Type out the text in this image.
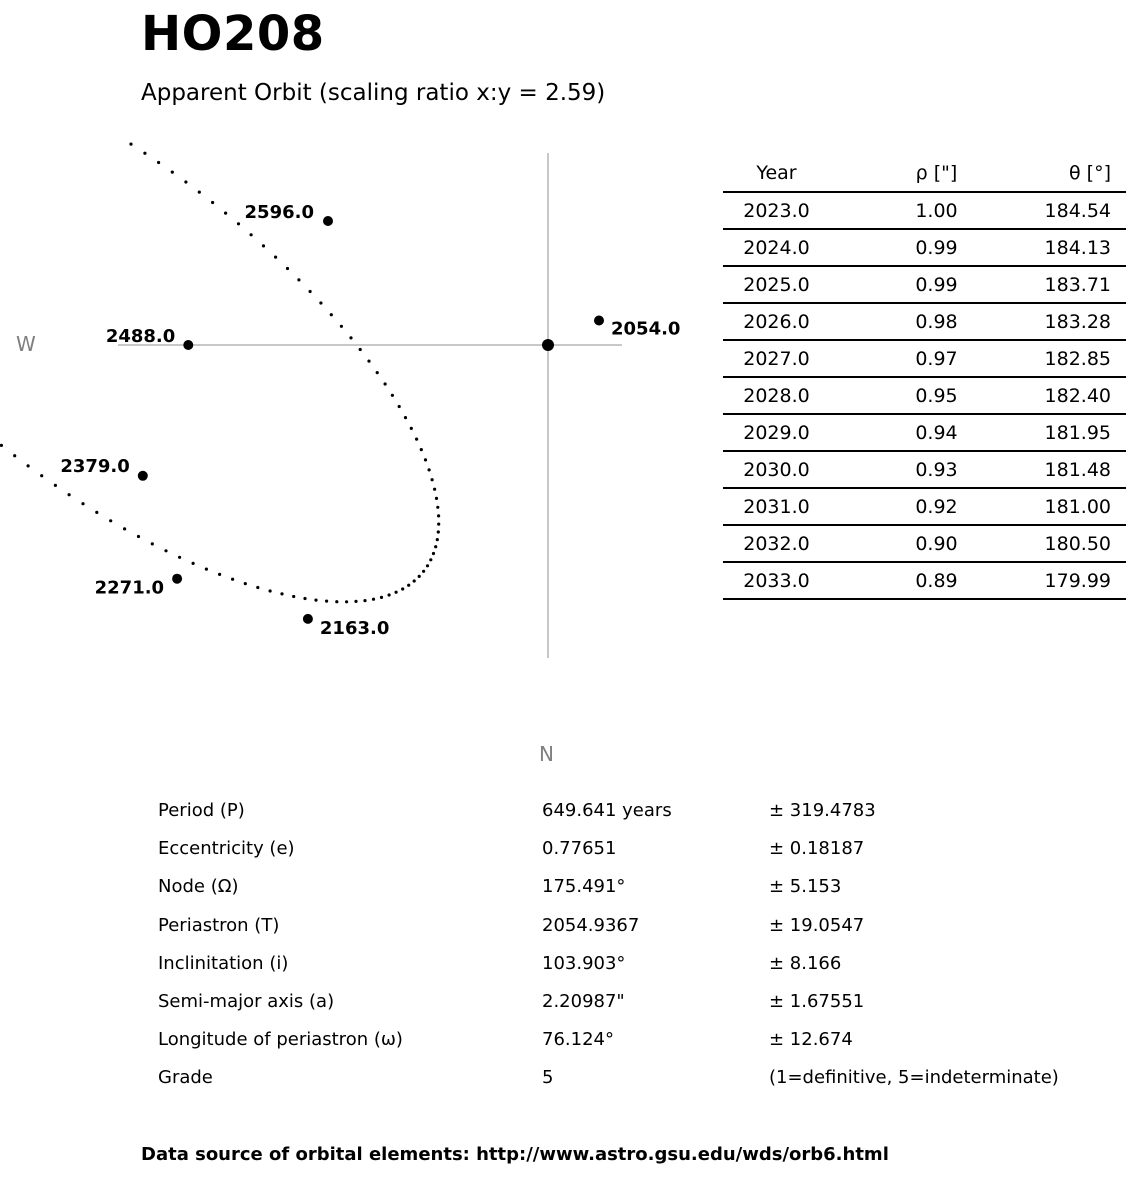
HO208
Apparent Orbit (scaling ratio x:y = 2.59)
2054.0
2163.0
2271.0
2379.0
2488.0
2596.0
W
N
Year	ρ ["]	θ [°]
2023.0	1.00	184.54
2024.0	0.99	184.13
2025.0	0.99	183.71
2026.0	0.98	183.28
2027.0	0.97	182.85
2028.0	0.95	182.40
2029.0	0.94	181.95
2030.0	0.93	181.48
2031.0	0.92	181.00
2032.0	0.90	180.50
2033.0	0.89	179.99
Period (P)	649.641 years	± 319.4783
Eccentricity (e)	0.77651	± 0.18187
Node (Ω)	175.491°	± 5.153
Periastron (T)	2054.9367	± 19.0547
Inclinitation (i)	103.903°	± 8.166
Semi-major axis (a)	2.20987"	± 1.67551
Longitude of periastron (ω)	76.124°	± 12.674
Grade	5	(1=definitive, 5=indeterminate)
Data source of orbital elements: http://www.astro.gsu.edu/wds/orb6.html
